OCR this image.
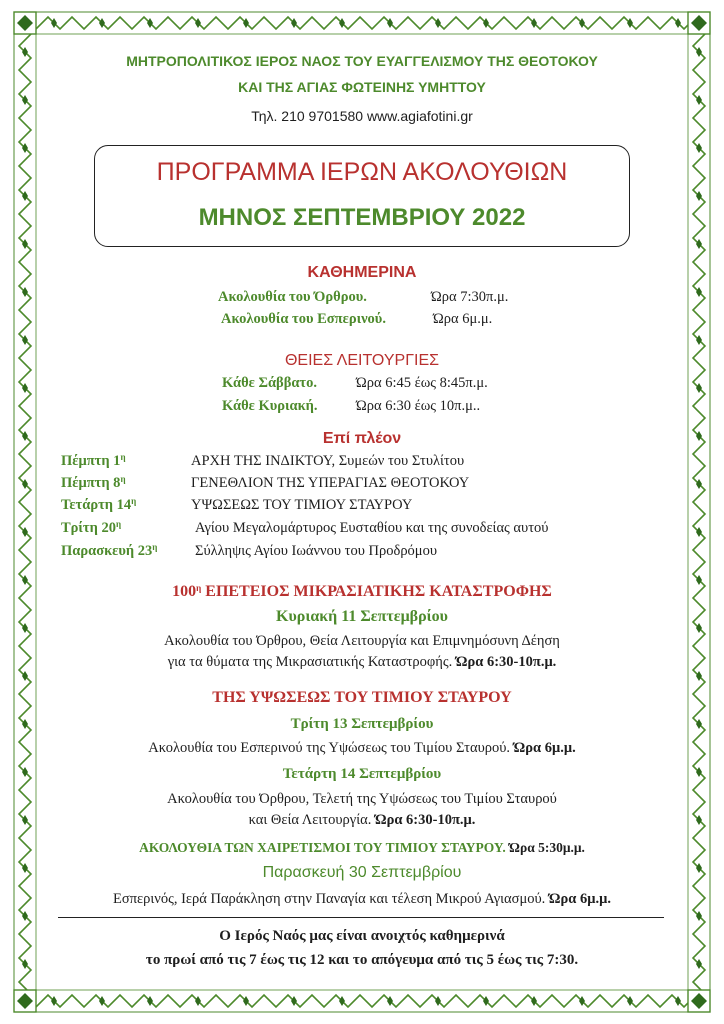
ΜΗΤΡΟΠΟΛΙΤΙΚΟΣ ΙΕΡΟΣ ΝΑΟΣ ΤΟΥ ΕΥΑΓΓΕΛΙΣΜΟΥ ΤΗΣ ΘΕΟΤΟΚΟΥ
ΚΑΙ ΤΗΣ ΑΓΙΑΣ ΦΩΤΕΙΝΗΣ ΥΜΗΤΤΟΥ
Τηλ. 210 9701580 www.agiafotini.gr
ΠΡΟΓΡΑΜΜΑ ΙΕΡΩΝ ΑΚΟΛΟΥΘΙΩΝ
ΜΗΝΟΣ ΣΕΠΤΕΜΒΡΙΟΥ 2022
ΚΑΘΗΜΕΡΙΝΑ
Ακολουθία του Όρθρου.	Ώρα 7:30π.μ.
Ακολουθία του Εσπερινού.	Ώρα 6μ.μ.
ΘΕΙΕΣ ΛΕΙΤΟΥΡΓΙΕΣ
Κάθε Σάββατο.	Ώρα 6:45 έως 8:45π.μ.
Κάθε Κυριακή.	Ώρα 6:30 έως 10π.μ..
Επί πλέον
Πέμπτη $1^\eta$	ΑΡΧΗ ΤΗΣ ΙΝΔΙΚΤΟΥ, Συμεών του Στυλίτου
Πέμπτη $8^\eta$	ΓΕΝΕΘΛΙΟΝ ΤΗΣ ΥΠΕΡΑΓΙΑΣ ΘΕΟΤΟΚΟΥ
Τετάρτη $14^\eta$	ΥΨΩΣΕΩΣ ΤΟΥ ΤΙΜΙΟΥ ΣΤΑΥΡΟΥ
Τρίτη $20^\eta$	Αγίου Μεγαλομάρτυρος Ευσταθίου και της συνοδείας αυτού
Παρασκευή $23^\eta$	Σύλληψις Αγίου Ιωάννου του Προδρόμου
$100^\eta$ ΕΠΕΤΕΙΟΣ ΜΙΚΡΑΣΙΑΤΙΚΗΣ ΚΑΤΑΣΤΡΟΦΗΣ
Κυριακή 11 Σεπτεμβρίου
Ακολουθία του Όρθρου, Θεία Λειτουργία και Επιμνημόσυνη Δέηση
για τα θύματα της Μικρασιατικής Καταστροφής. Ώρα 6:30-10π.μ.
ΤΗΣ ΥΨΩΣΕΩΣ ΤΟΥ ΤΙΜΙΟΥ ΣΤΑΥΡΟΥ
Τρίτη 13 Σεπτεμβρίου
Ακολουθία του Εσπερινού της Υψώσεως του Τιμίου Σταυρού. Ώρα 6μ.μ.
Τετάρτη 14 Σεπτεμβρίου
Ακολουθία του Όρθρου, Τελετή της Υψώσεως του Τιμίου Σταυρού
και Θεία Λειτουργία. Ώρα 6:30-10π.μ.
ΑΚΟΛΟΥΘΙΑ ΤΩΝ ΧΑΙΡΕΤΙΣΜΟΙ ΤΟΥ ΤΙΜΙΟΥ ΣΤΑΥΡΟΥ. Ώρα 5:30μ.μ.
Παρασκευή 30 Σεπτεμβρίου
Εσπερινός, Ιερά Παράκληση στην Παναγία και τέλεση Μικρού Αγιασμού. Ώρα 6μ.μ.
Ο Ιερός Ναός μας είναι ανοιχτός καθημερινά
το πρωί από τις 7 έως τις 12 και το απόγευμα από τις 5 έως τις 7:30.
